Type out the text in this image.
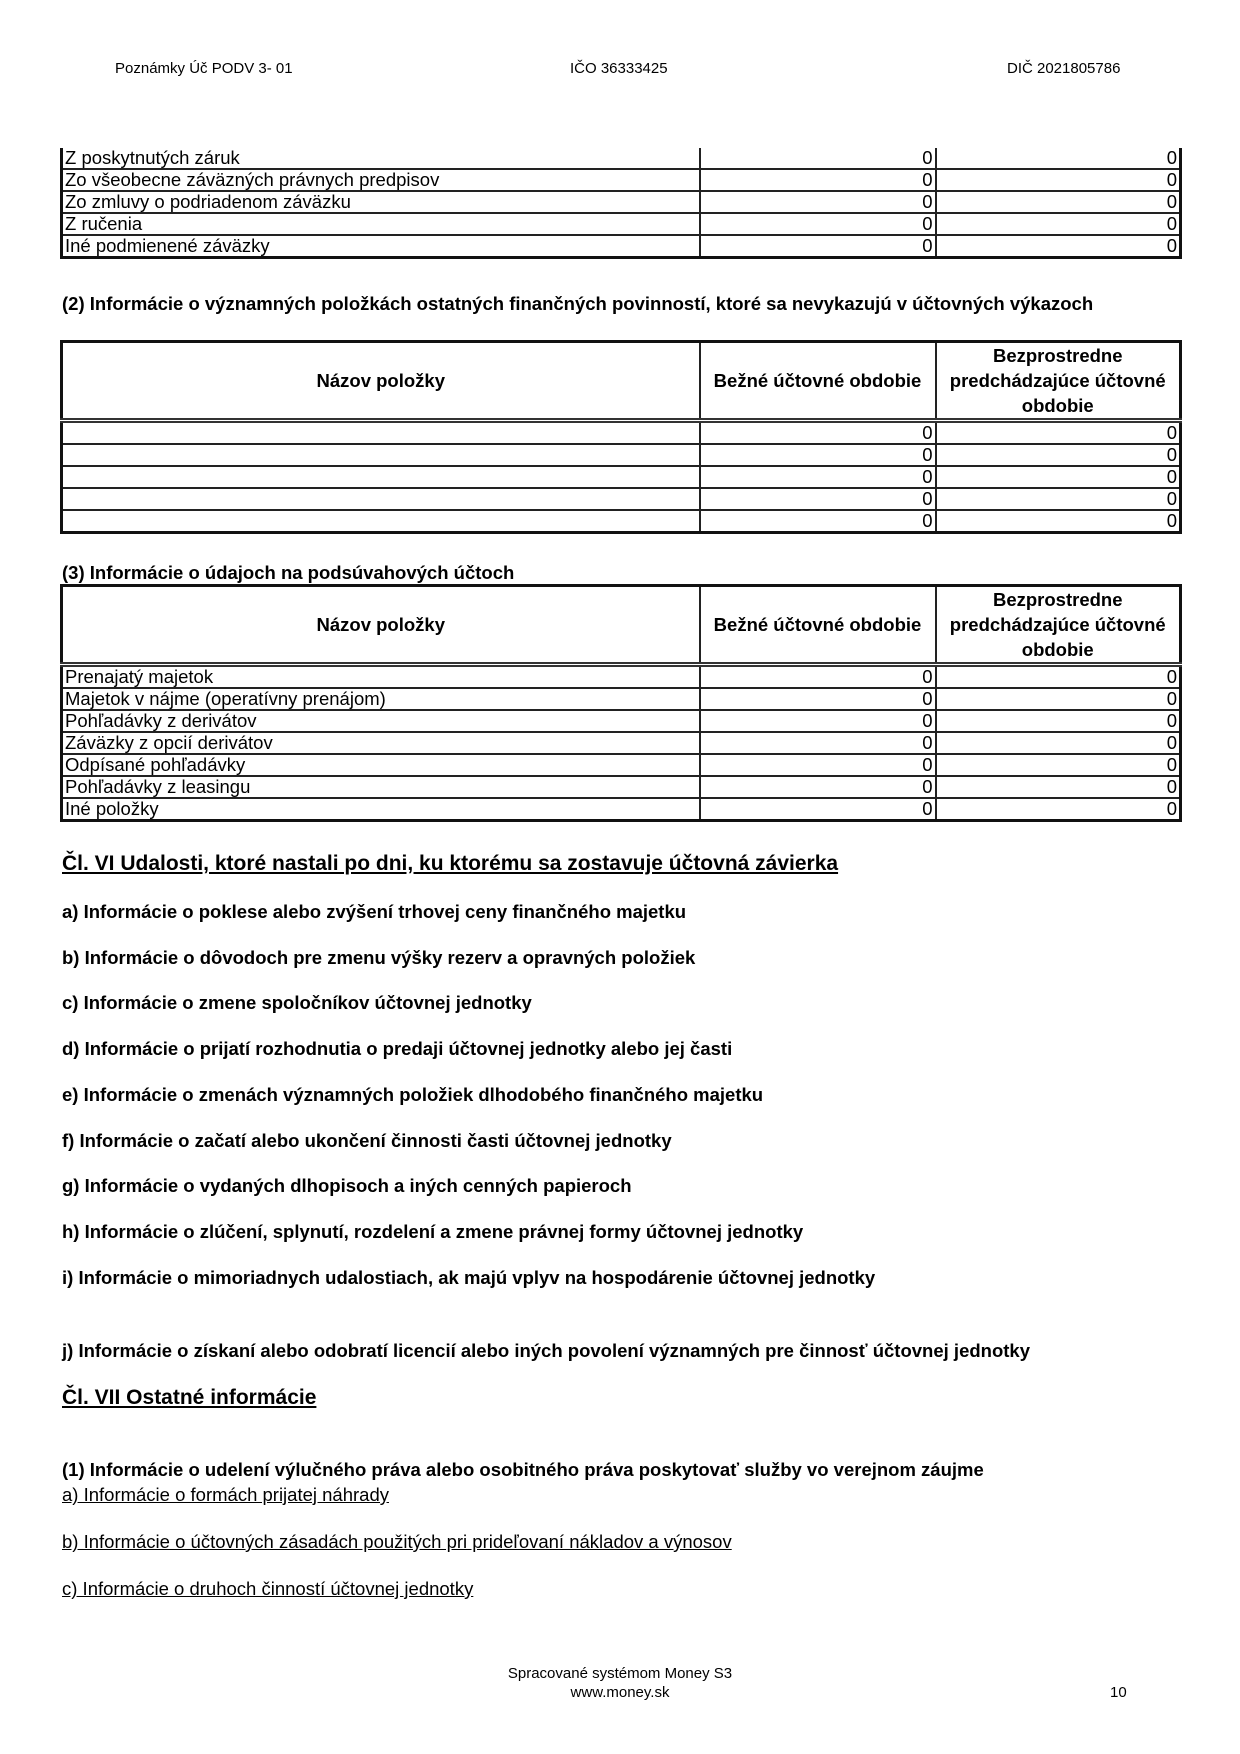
Poznámky Úč PODV 3- 01	IČO 36333425	DIČ 2021805786
Z poskytnutých záruk	0	0
Zo všeobecne záväzných právnych predpisov	0	0
Zo zmluvy o podriadenom záväzku	0	0
Z ručenia	0	0
Iné podmienené záväzky	0	0
(2) Informácie o významných položkách ostatných finančných povinností, ktoré sa nevykazujú v účtovných výkazoch
Názov položky	Bežné účtovné obdobie	Bezprostredne predchádzajúce účtovné obdobie
	0	0
	0	0
	0	0
	0	0
	0	0
(3) Informácie o údajoch na podsúvahových účtoch
Názov položky	Bežné účtovné obdobie	Bezprostredne predchádzajúce účtovné obdobie
Prenajatý majetok	0	0
Majetok v nájme (operatívny prenájom)	0	0
Pohľadávky z derivátov	0	0
Záväzky z opcií derivátov	0	0
Odpísané pohľadávky	0	0
Pohľadávky z leasingu	0	0
Iné položky	0	0
Čl. VI Udalosti, ktoré nastali po dni, ku ktorému sa zostavuje účtovná závierka
a) Informácie o poklese alebo zvýšení trhovej ceny finančného majetku
b) Informácie o dôvodoch pre zmenu výšky rezerv a opravných položiek
c) Informácie o zmene spoločníkov účtovnej jednotky
d) Informácie o prijatí rozhodnutia o predaji účtovnej jednotky alebo jej časti
e) Informácie o zmenách významných položiek dlhodobého finančného majetku
f) Informácie o začatí alebo ukončení činnosti časti účtovnej jednotky
g) Informácie o vydaných dlhopisoch a iných cenných papieroch
h) Informácie o zlúčení, splynutí, rozdelení a zmene právnej formy účtovnej jednotky
i) Informácie o mimoriadnych udalostiach, ak majú vplyv na hospodárenie účtovnej jednotky
j) Informácie o získaní alebo odobratí licencií alebo iných povolení významných pre činnosť účtovnej jednotky
Čl. VII Ostatné informácie
(1) Informácie o udelení výlučného práva alebo osobitného práva poskytovať služby vo verejnom záujme
a) Informácie o formách prijatej náhrady
b) Informácie o účtovných zásadách použitých pri prideľovaní nákladov a výnosov
c) Informácie o druhoch činností účtovnej jednotky
Spracované systémom Money S3
www.money.sk	10
